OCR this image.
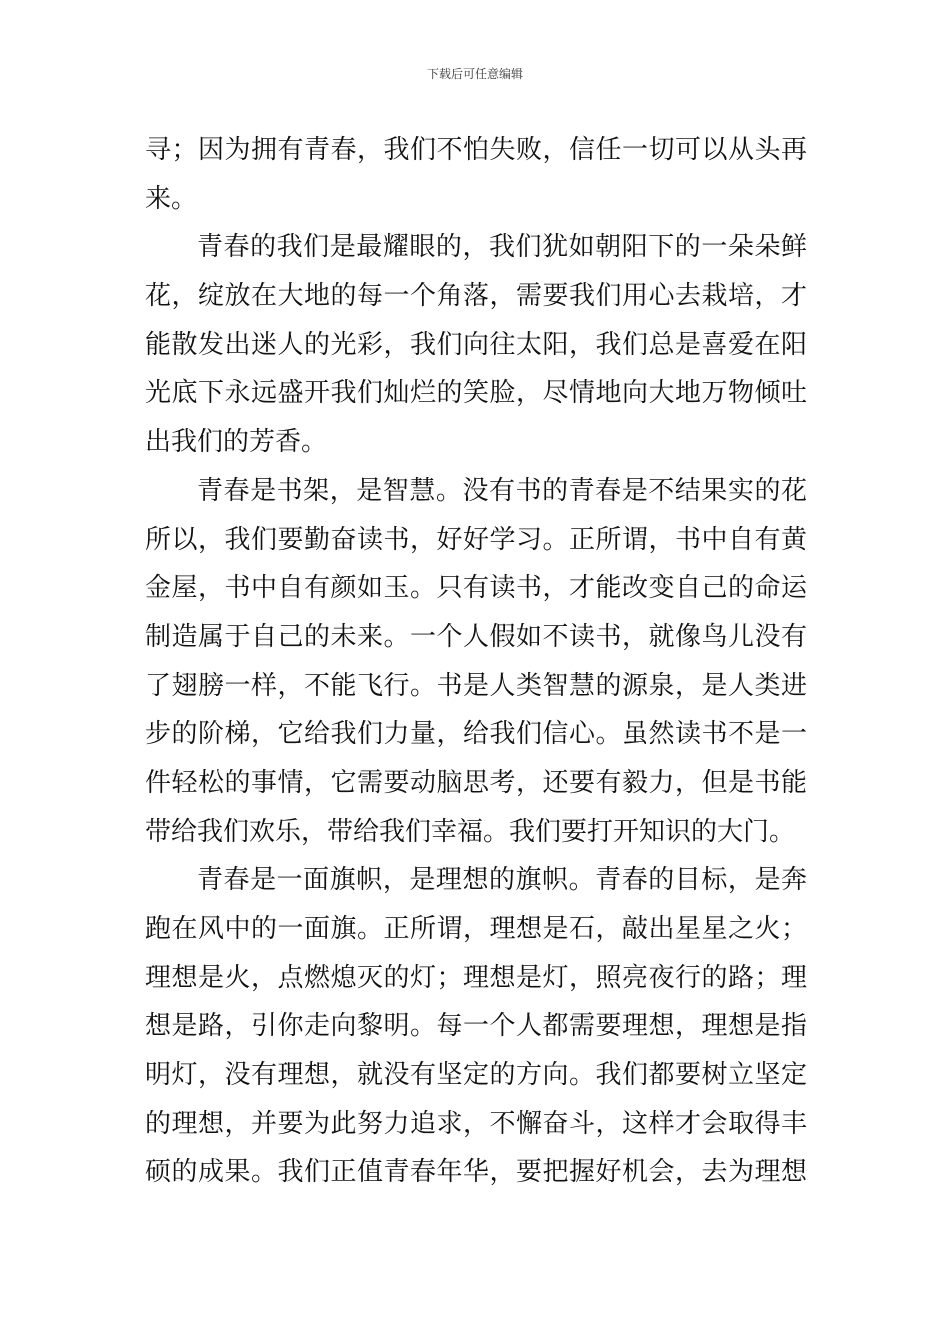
下载后可任意编辑
寻；因为拥有青春，我们不怕失败，信任一切可以从头再
来。
青春的我们是最耀眼的，我们犹如朝阳下的一朵朵鲜
花，绽放在大地的每一个角落，需要我们用心去栽培，才
能散发出迷人的光彩，我们向往太阳，我们总是喜爱在阳
光底下永远盛开我们灿烂的笑脸，尽情地向大地万物倾吐
出我们的芳香。
青春是书架，是智慧。没有书的青春是不结果实的花
所以，我们要勤奋读书，好好学习。正所谓，书中自有黄
金屋，书中自有颜如玉。只有读书，才能改变自己的命运
制造属于自己的未来。一个人假如不读书，就像鸟儿没有
了翅膀一样，不能飞行。书是人类智慧的源泉，是人类进
步的阶梯，它给我们力量，给我们信心。虽然读书不是一
件轻松的事情，它需要动脑思考，还要有毅力，但是书能
带给我们欢乐，带给我们幸福。我们要打开知识的大门。
青春是一面旗帜，是理想的旗帜。青春的目标，是奔
跑在风中的一面旗。正所谓，理想是石，敲出星星之火；
理想是火，点燃熄灭的灯；理想是灯，照亮夜行的路；理
想是路，引你走向黎明。每一个人都需要理想，理想是指
明灯，没有理想，就没有坚定的方向。我们都要树立坚定
的理想，并要为此努力追求，不懈奋斗，这样才会取得丰
硕的成果。我们正值青春年华，要把握好机会，去为理想
